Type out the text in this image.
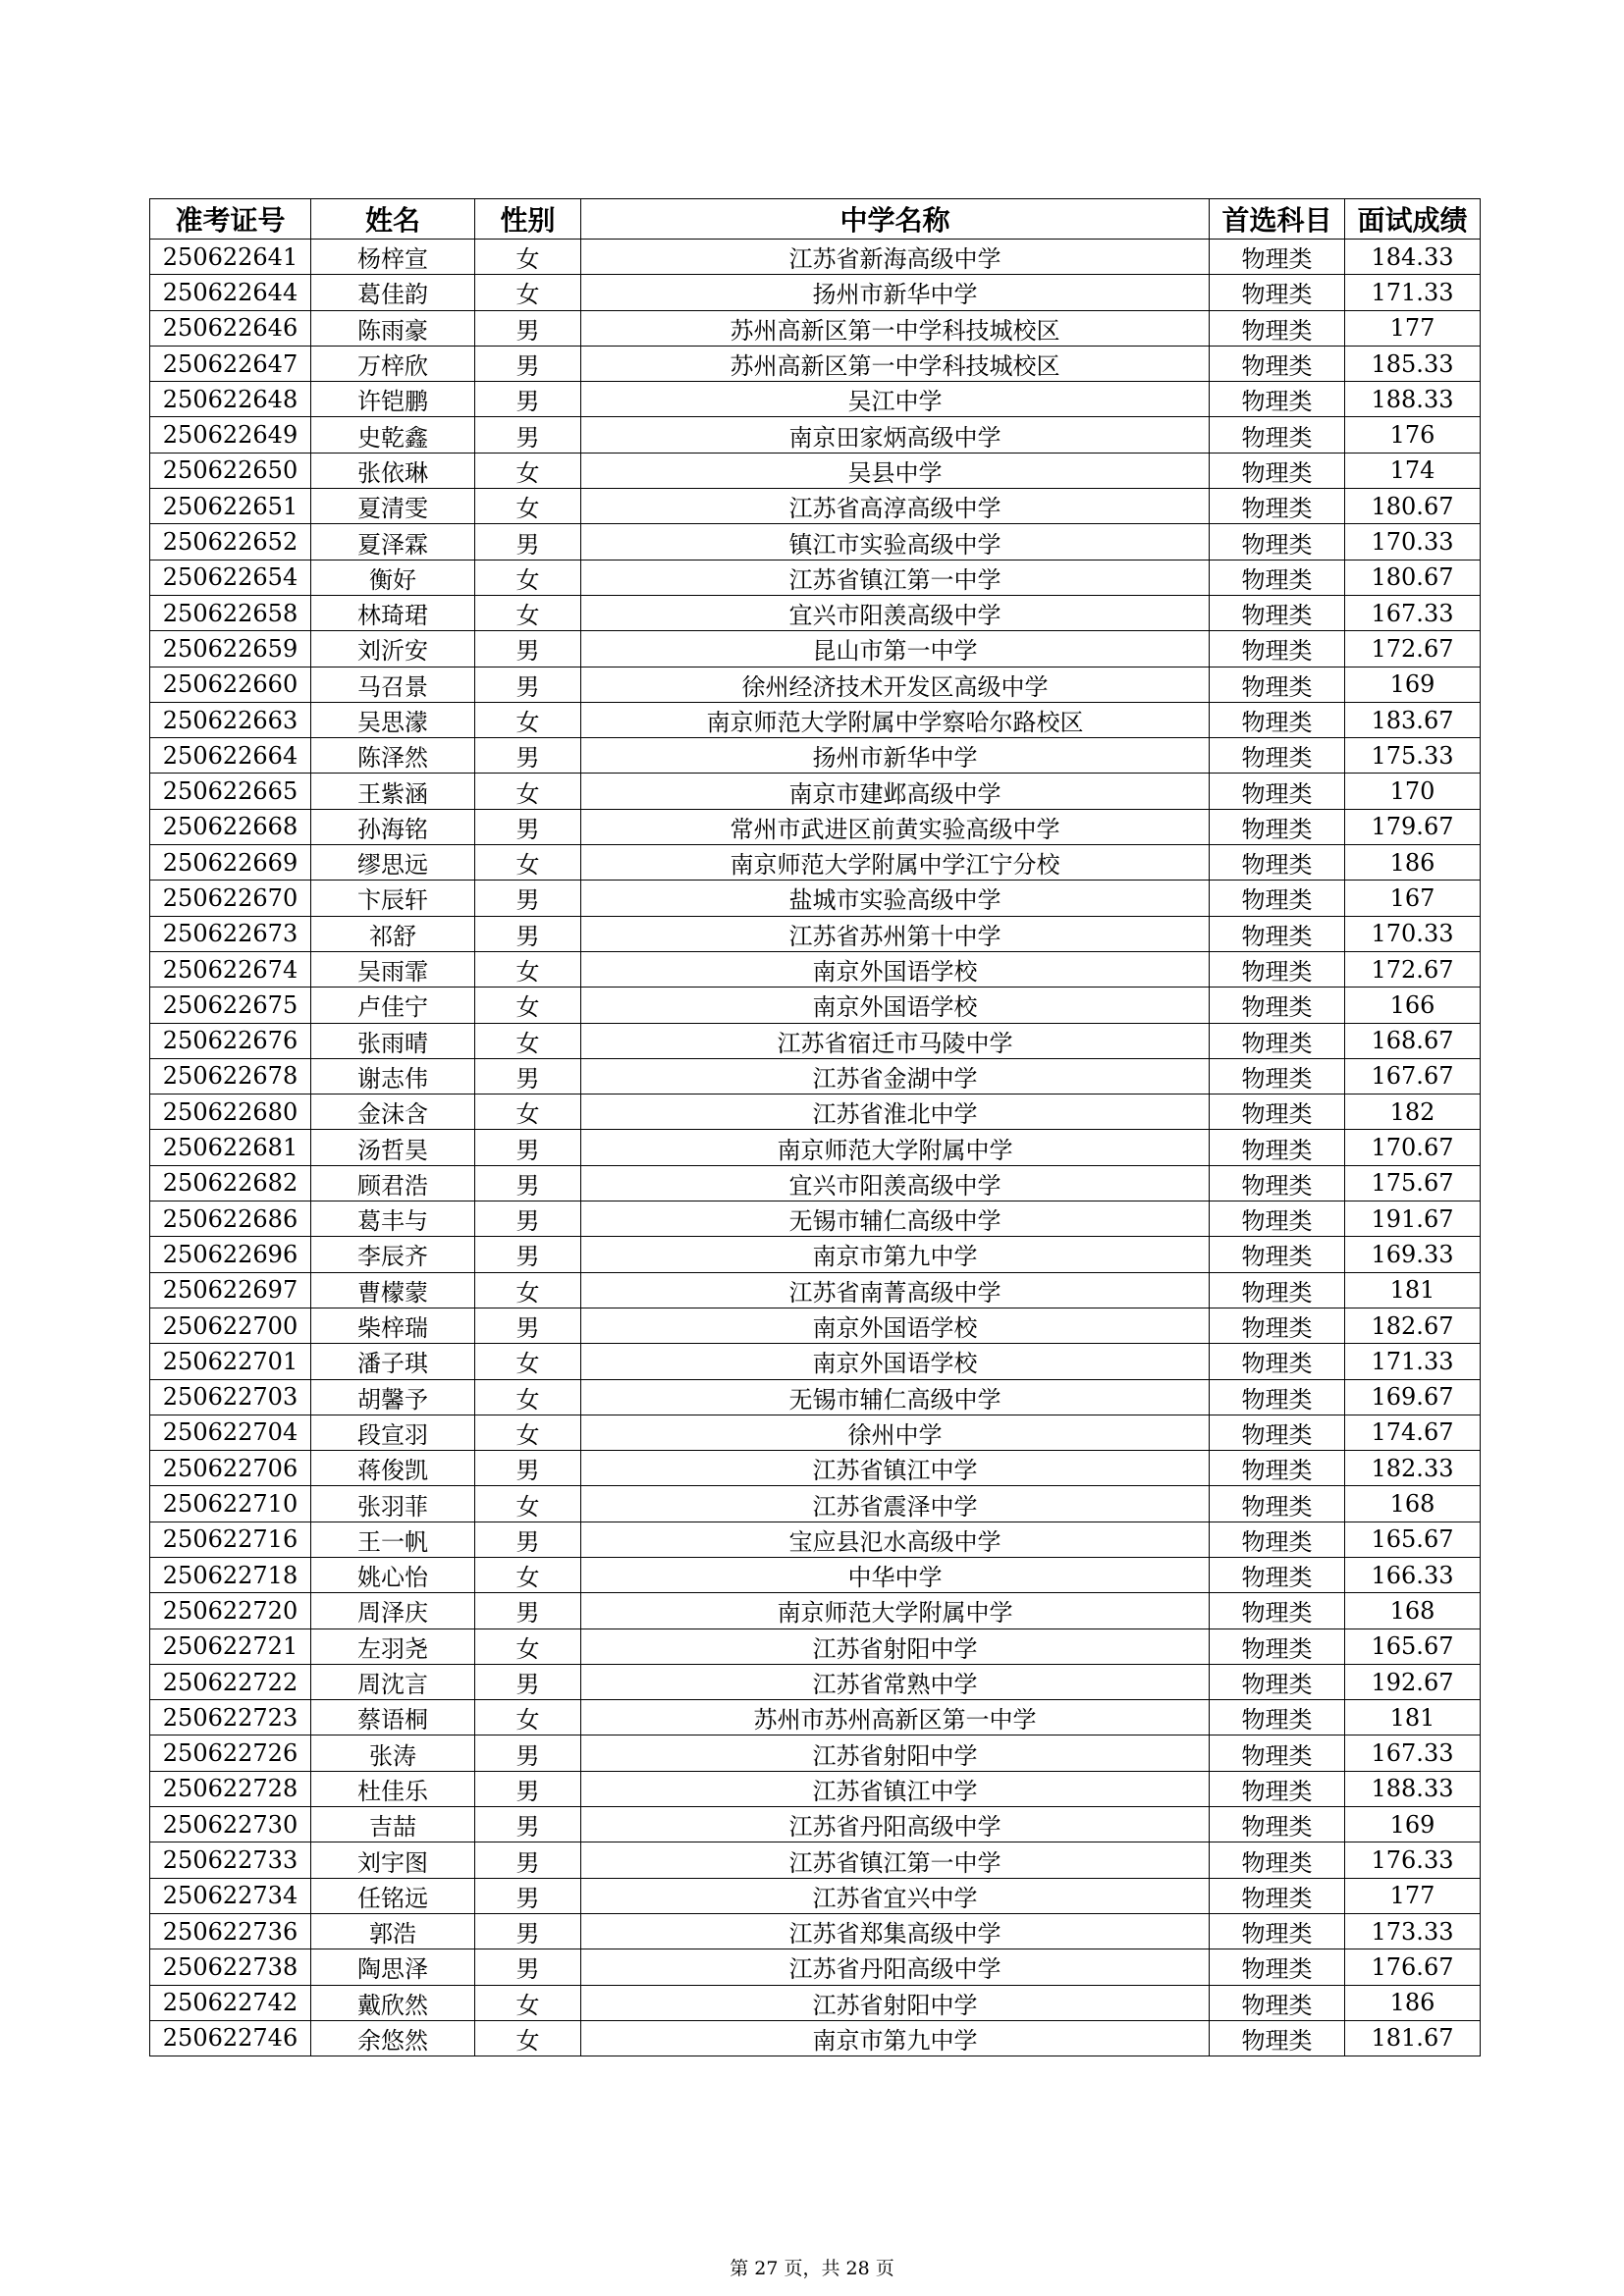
准考证号	姓名	性别	中学名称	首选科目	面试成绩
250622641	杨梓宣	女	江苏省新海高级中学	物理类	184.33
250622644	葛佳韵	女	扬州市新华中学	物理类	171.33
250622646	陈雨豪	男	苏州高新区第一中学科技城校区	物理类	177
250622647	万梓欣	男	苏州高新区第一中学科技城校区	物理类	185.33
250622648	许铠鹏	男	吴江中学	物理类	188.33
250622649	史乾鑫	男	南京田家炳高级中学	物理类	176
250622650	张依琳	女	吴县中学	物理类	174
250622651	夏清雯	女	江苏省高淳高级中学	物理类	180.67
250622652	夏泽霖	男	镇江市实验高级中学	物理类	170.33
250622654	衡好	女	江苏省镇江第一中学	物理类	180.67
250622658	林琦珺	女	宜兴市阳羡高级中学	物理类	167.33
250622659	刘沂安	男	昆山市第一中学	物理类	172.67
250622660	马召景	男	徐州经济技术开发区高级中学	物理类	169
250622663	吴思濛	女	南京师范大学附属中学察哈尔路校区	物理类	183.67
250622664	陈泽然	男	扬州市新华中学	物理类	175.33
250622665	王紫涵	女	南京市建邺高级中学	物理类	170
250622668	孙海铭	男	常州市武进区前黄实验高级中学	物理类	179.67
250622669	缪思远	女	南京师范大学附属中学江宁分校	物理类	186
250622670	卞辰轩	男	盐城市实验高级中学	物理类	167
250622673	祁舒	男	江苏省苏州第十中学	物理类	170.33
250622674	吴雨霏	女	南京外国语学校	物理类	172.67
250622675	卢佳宁	女	南京外国语学校	物理类	166
250622676	张雨晴	女	江苏省宿迁市马陵中学	物理类	168.67
250622678	谢志伟	男	江苏省金湖中学	物理类	167.67
250622680	金沫含	女	江苏省淮北中学	物理类	182
250622681	汤哲昊	男	南京师范大学附属中学	物理类	170.67
250622682	顾君浩	男	宜兴市阳羡高级中学	物理类	175.67
250622686	葛丰与	男	无锡市辅仁高级中学	物理类	191.67
250622696	李辰齐	男	南京市第九中学	物理类	169.33
250622697	曹檬蒙	女	江苏省南菁高级中学	物理类	181
250622700	柴梓瑞	男	南京外国语学校	物理类	182.67
250622701	潘子琪	女	南京外国语学校	物理类	171.33
250622703	胡馨予	女	无锡市辅仁高级中学	物理类	169.67
250622704	段宣羽	女	徐州中学	物理类	174.67
250622706	蒋俊凯	男	江苏省镇江中学	物理类	182.33
250622710	张羽菲	女	江苏省震泽中学	物理类	168
250622716	王一帆	男	宝应县氾水高级中学	物理类	165.67
250622718	姚心怡	女	中华中学	物理类	166.33
250622720	周泽庆	男	南京师范大学附属中学	物理类	168
250622721	左羽尧	女	江苏省射阳中学	物理类	165.67
250622722	周沈言	男	江苏省常熟中学	物理类	192.67
250622723	蔡语桐	女	苏州市苏州高新区第一中学	物理类	181
250622726	张涛	男	江苏省射阳中学	物理类	167.33
250622728	杜佳乐	男	江苏省镇江中学	物理类	188.33
250622730	吉喆	男	江苏省丹阳高级中学	物理类	169
250622733	刘宇图	男	江苏省镇江第一中学	物理类	176.33
250622734	任铭远	男	江苏省宜兴中学	物理类	177
250622736	郭浩	男	江苏省郑集高级中学	物理类	173.33
250622738	陶思泽	男	江苏省丹阳高级中学	物理类	176.67
250622742	戴欣然	女	江苏省射阳中学	物理类	186
250622746	余悠然	女	南京市第九中学	物理类	181.67
第 27 页，共 28 页
